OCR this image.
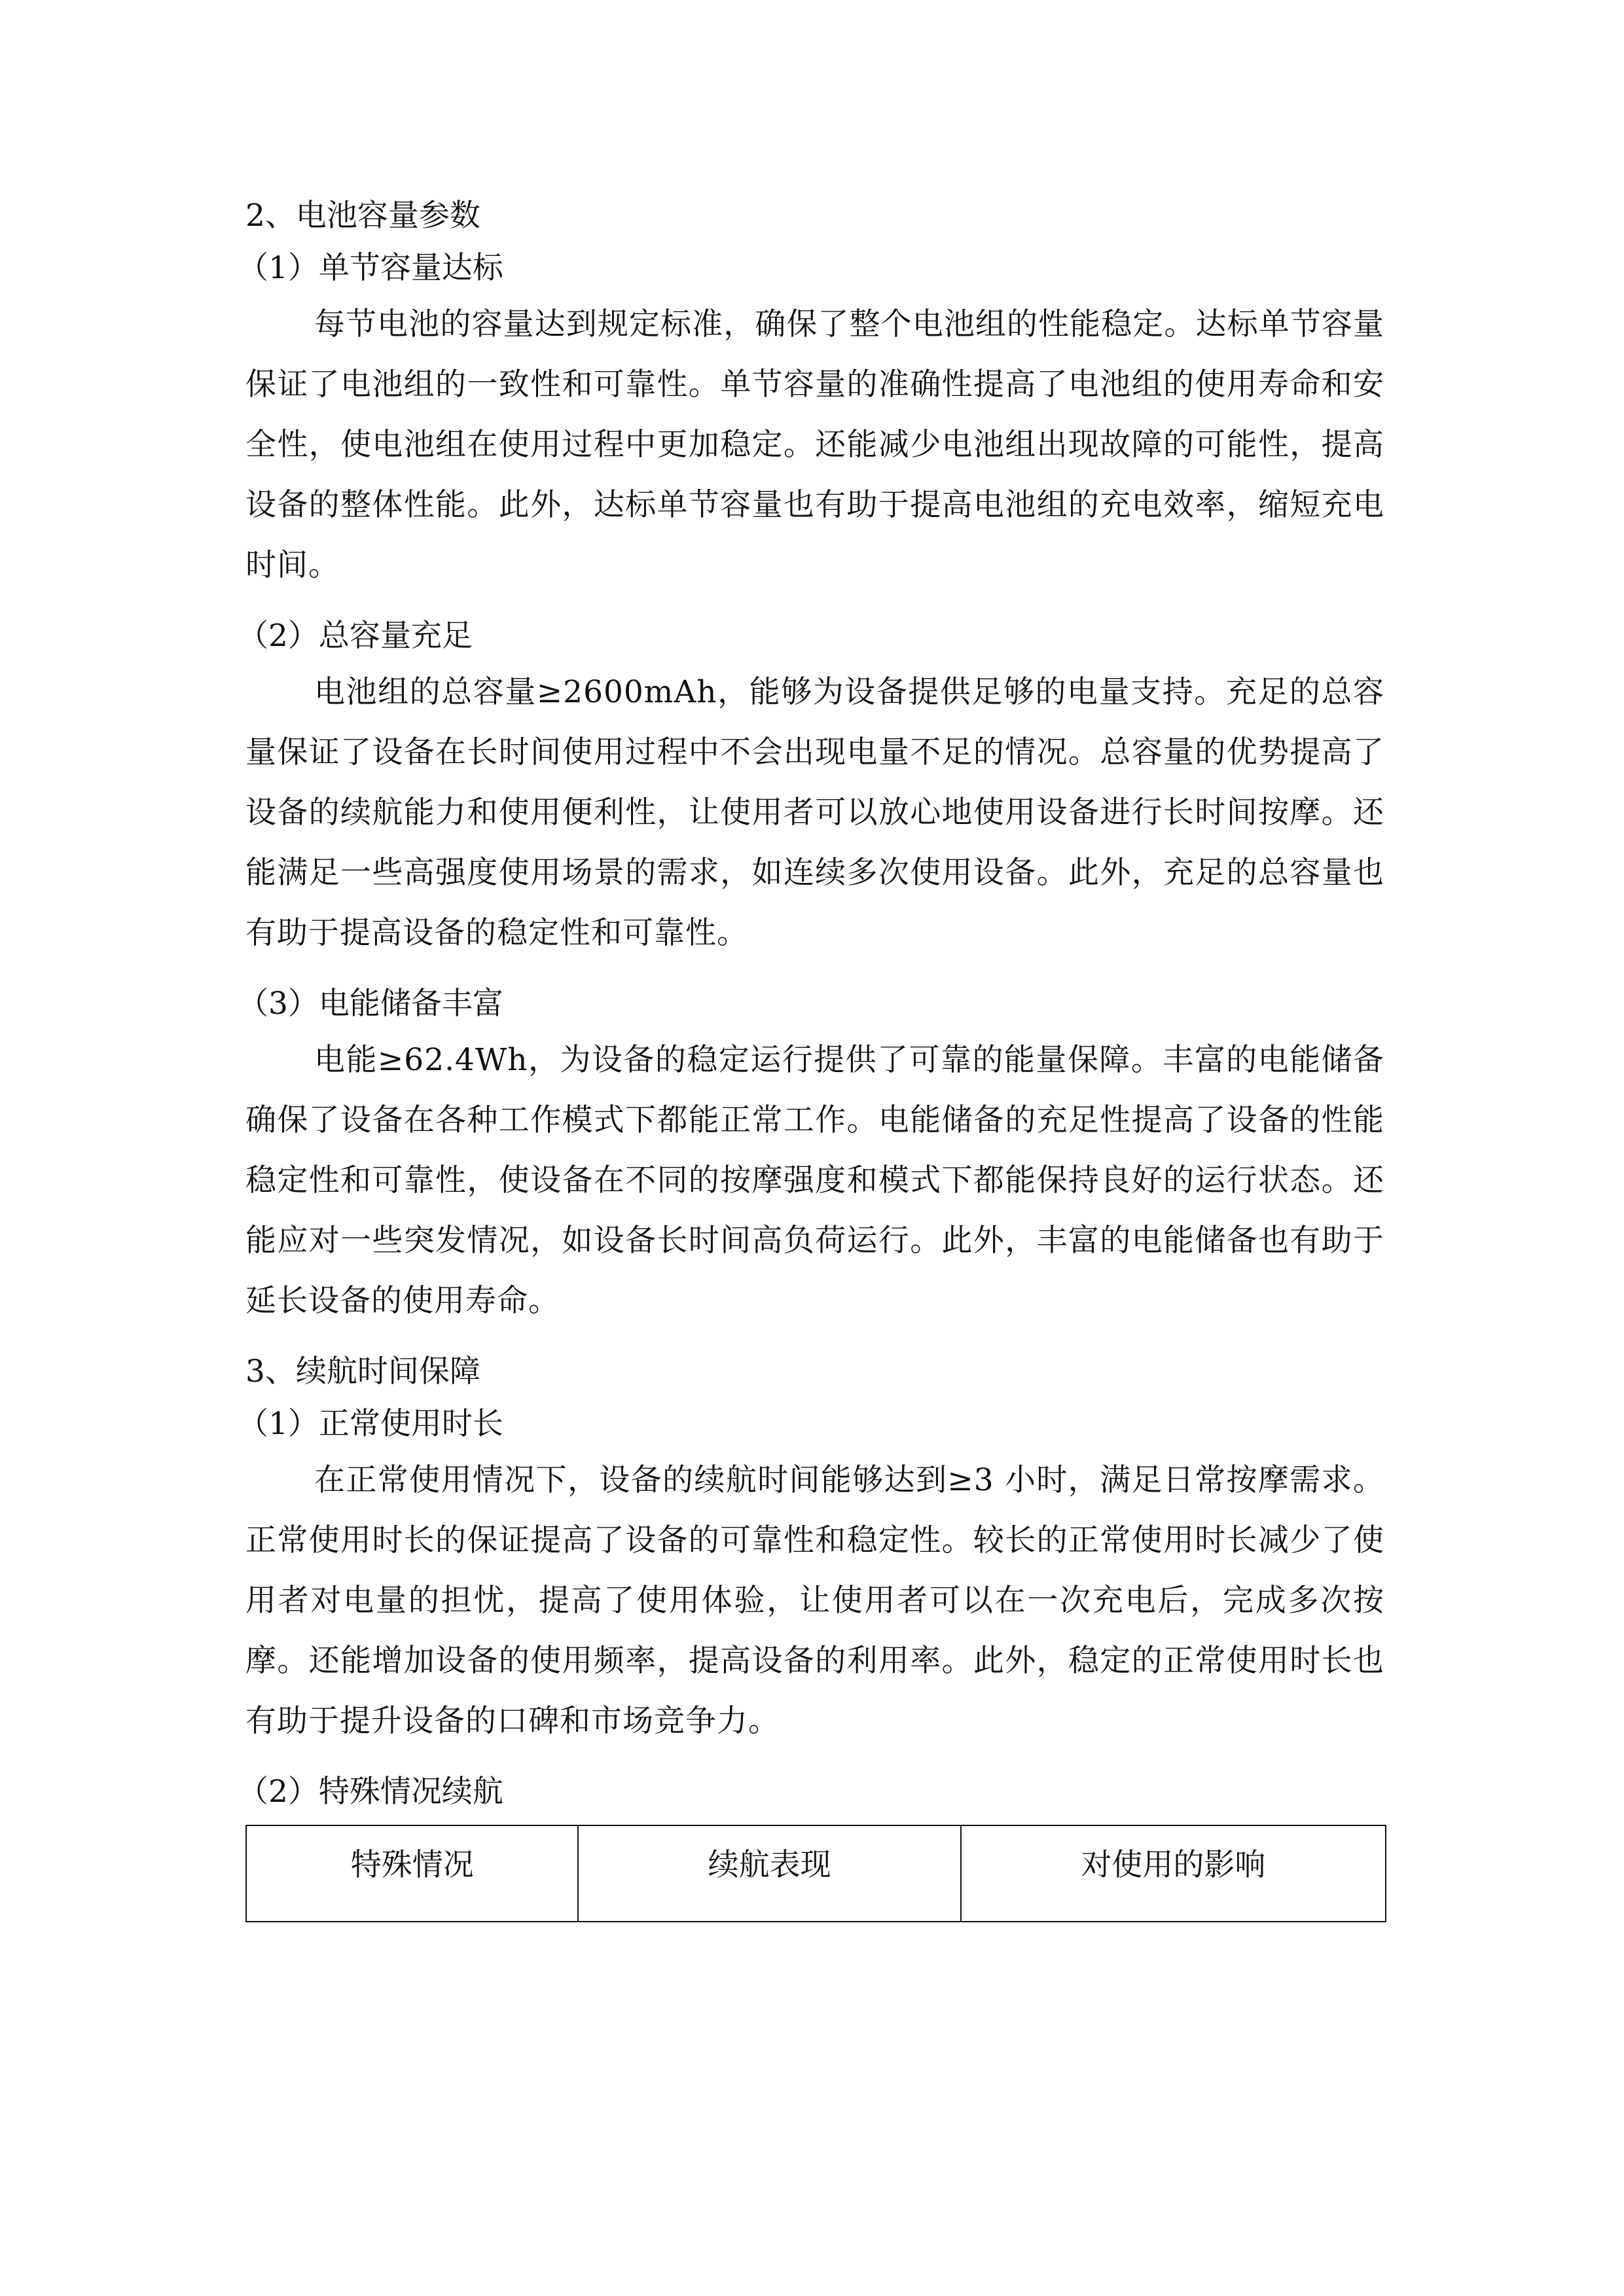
2、电池容量参数

（1）单节容量达标

每节电池的容量达到规定标准，确保了整个电池组的性能稳定。达标单节容量保证了电池组的一致性和可靠性。单节容量的准确性提高了电池组的使用寿命和安全性，使电池组在使用过程中更加稳定。还能减少电池组出现故障的可能性，提高设备的整体性能。此外，达标单节容量也有助于提高电池组的充电效率，缩短充电时间。

（2）总容量充足

电池组的总容量≥2600mAh，能够为设备提供足够的电量支持。充足的总容量保证了设备在长时间使用过程中不会出现电量不足的情况。总容量的优势提高了设备的续航能力和使用便利性，让使用者可以放心地使用设备进行长时间按摩。还能满足一些高强度使用场景的需求，如连续多次使用设备。此外，充足的总容量也有助于提高设备的稳定性和可靠性。

（3）电能储备丰富

电能≥62.4Wh，为设备的稳定运行提供了可靠的能量保障。丰富的电能储备确保了设备在各种工作模式下都能正常工作。电能储备的充足性提高了设备的性能稳定性和可靠性，使设备在不同的按摩强度和模式下都能保持良好的运行状态。还能应对一些突发情况，如设备长时间高负荷运行。此外，丰富的电能储备也有助于延长设备的使用寿命。

3、续航时间保障

（1）正常使用时长

在正常使用情况下，设备的续航时间能够达到≥3 小时，满足日常按摩需求。正常使用时长的保证提高了设备的可靠性和稳定性。较长的正常使用时长减少了使用者对电量的担忧，提高了使用体验，让使用者可以在一次充电后，完成多次按摩。还能增加设备的使用频率，提高设备的利用率。此外，稳定的正常使用时长也有助于提升设备的口碑和市场竞争力。

（2）特殊情况续航

特殊情况	续航表现	对使用的影响
